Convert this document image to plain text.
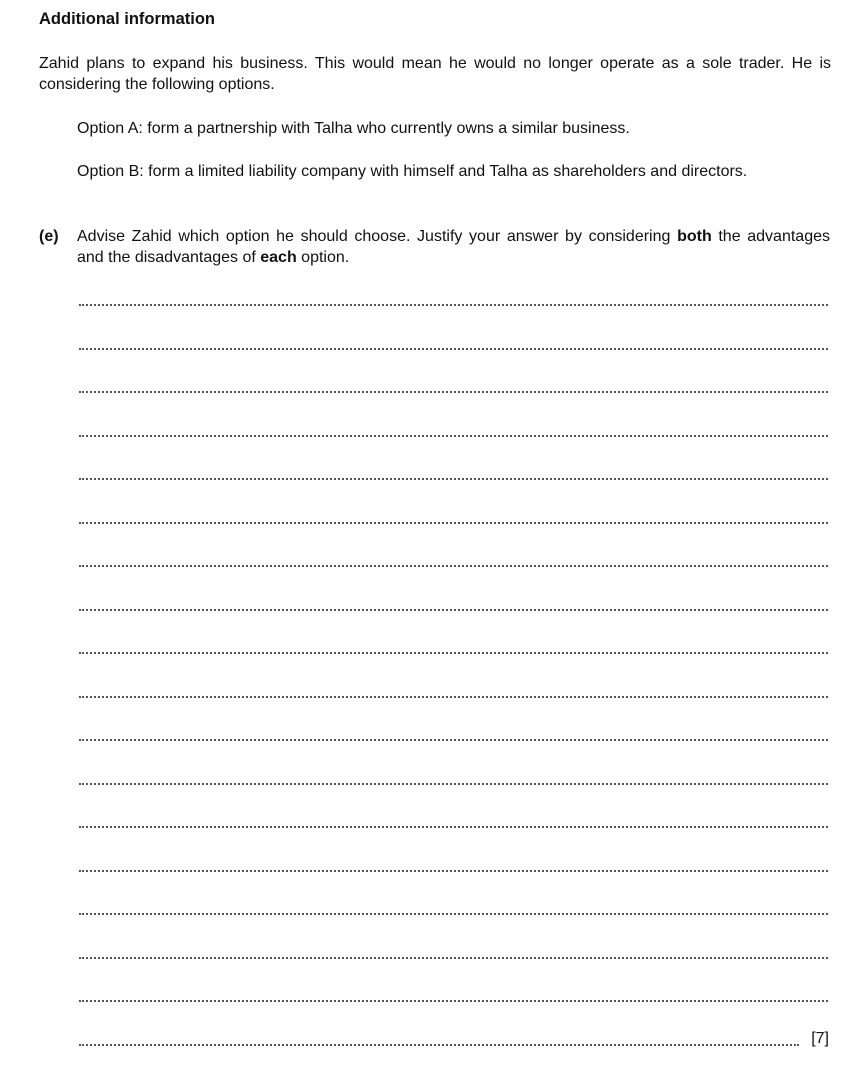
Additional information
Zahid plans to expand his business. This would mean he would no longer operate as a sole trader. He is considering the following options.
Option A: form a partnership with Talha who currently owns a similar business.
Option B: form a limited liability company with himself and Talha as shareholders and directors.
(e) Advise Zahid which option he should choose. Justify your answer by considering both the advantages and the disadvantages of each option.
[7]
